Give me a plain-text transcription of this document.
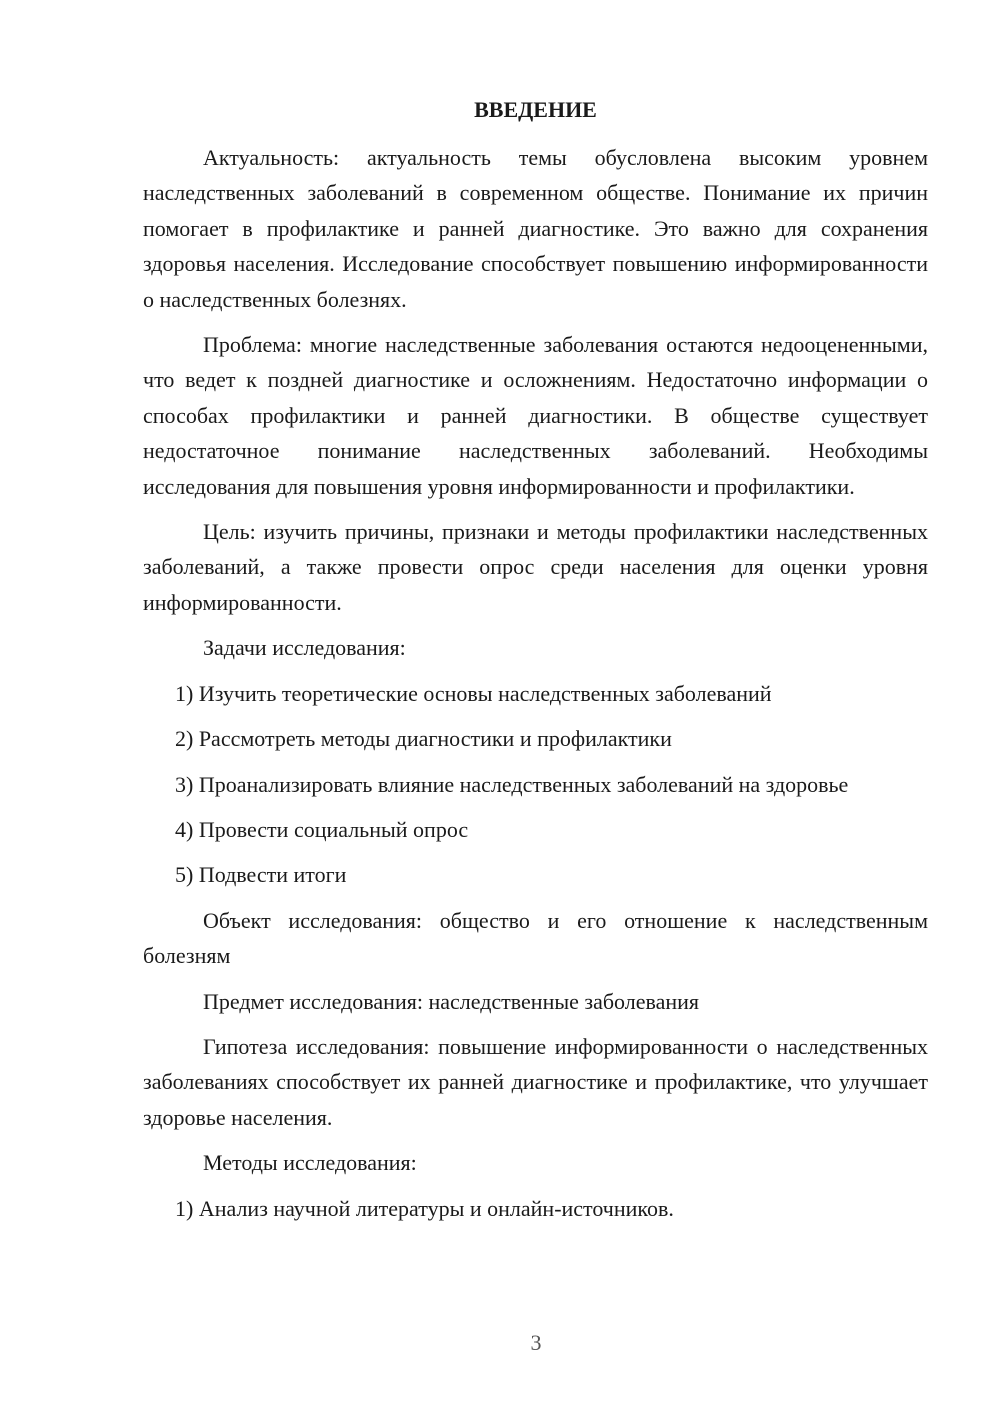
ВВЕДЕНИЕ

Актуальность: актуальность темы обусловлена высоким уровнем наследственных заболеваний в современном обществе. Понимание их причин помогает в профилактике и ранней диагностике. Это важно для сохранения здоровья населения. Исследование способствует повышению информированности о наследственных болезнях.

Проблема: многие наследственные заболевания остаются недооцененными, что ведет к поздней диагностике и осложнениям. Недостаточно информации о способах профилактики и ранней диагностики. В обществе существует недостаточное понимание наследственных заболеваний. Необходимы исследования для повышения уровня информированности и профилактики.

Цель: изучить причины, признаки и методы профилактики наследственных заболеваний, а также провести опрос среди населения для оценки уровня информированности.

Задачи исследования:

1) Изучить теоретические основы наследственных заболеваний

2) Рассмотреть методы диагностики и профилактики

3) Проанализировать влияние наследственных заболеваний на здоровье

4) Провести социальный опрос

5) Подвести итоги

Объект исследования: общество и его отношение к наследственным болезням

Предмет исследования: наследственные заболевания

Гипотеза исследования: повышение информированности о наследственных заболеваниях способствует их ранней диагностике и профилактике, что улучшает здоровье населения.

Методы исследования:

1) Анализ научной литературы и онлайн-источников.

3
